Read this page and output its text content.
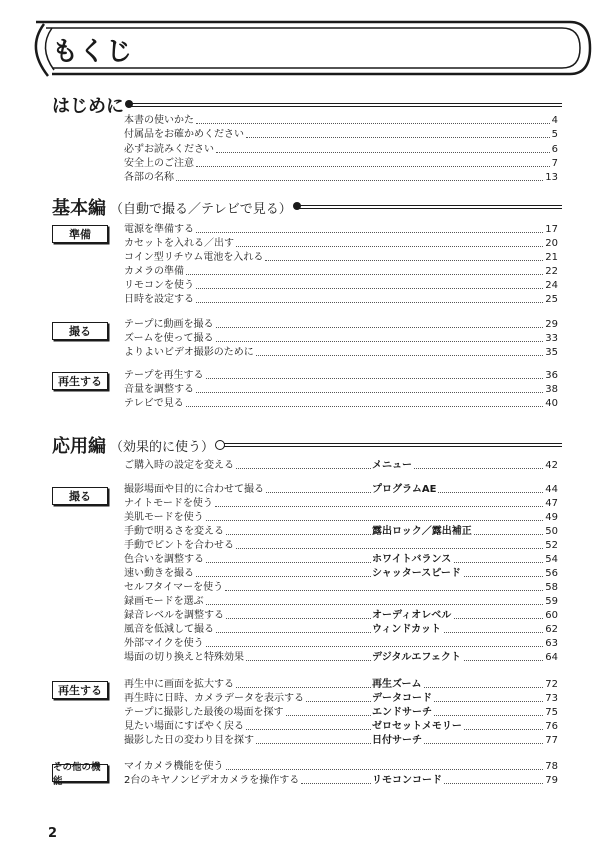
もくじ
はじめに
本書の使いかた	4
付属品をお確かめください	5
必ずお読みください	6
安全上のご注意	7
各部の名称	13
基本編 （自動で撮る／テレビで見る）
準備	電源を準備する	17
カセットを入れる／出す	20
コイン型リチウム電池を入れる	21
カメラの準備	22
リモコンを使う	24
日時を設定する	25
撮る
テープに動画を撮る	29
ズームを使って撮る	33
よりよいビデオ撮影のために	35
再生する	テープを再生する	36
音量を調整する	38
テレビで見る	40
応用編 （効果的に使う）
ご購入時の設定を変える	メニュー	42
撮る
撮影場面や目的に合わせて撮る	プログラムAE	44
ナイトモードを使う	47
美肌モードを使う	49
手動で明るさを変える	露出ロック／露出補正	50
手動でピントを合わせる	52
色合いを調整する	ホワイトバランス	54
速い動きを撮る	シャッタースピード	56
セルフタイマーを使う	58
録画モードを選ぶ	59
録音レベルを調整する	オーディオレベル	60
風音を低減して撮る	ウィンドカット	62
外部マイクを使う	63
場面の切り換えと特殊効果	デジタルエフェクト	64
再生する	再生中に画面を拡大する	再生ズーム	72
再生時に日時、カメラデータを表示する	データコード	73
テープに撮影した最後の場面を探す	エンドサーチ	75
見たい場面にすばやく戻る	ゼロセットメモリー	76
撮影した日の変わり目を探す	日付サーチ	77
その他の機能
マイカメラ機能を使う	78
2台のキヤノンビデオカメラを操作する	リモコンコード	79
2
